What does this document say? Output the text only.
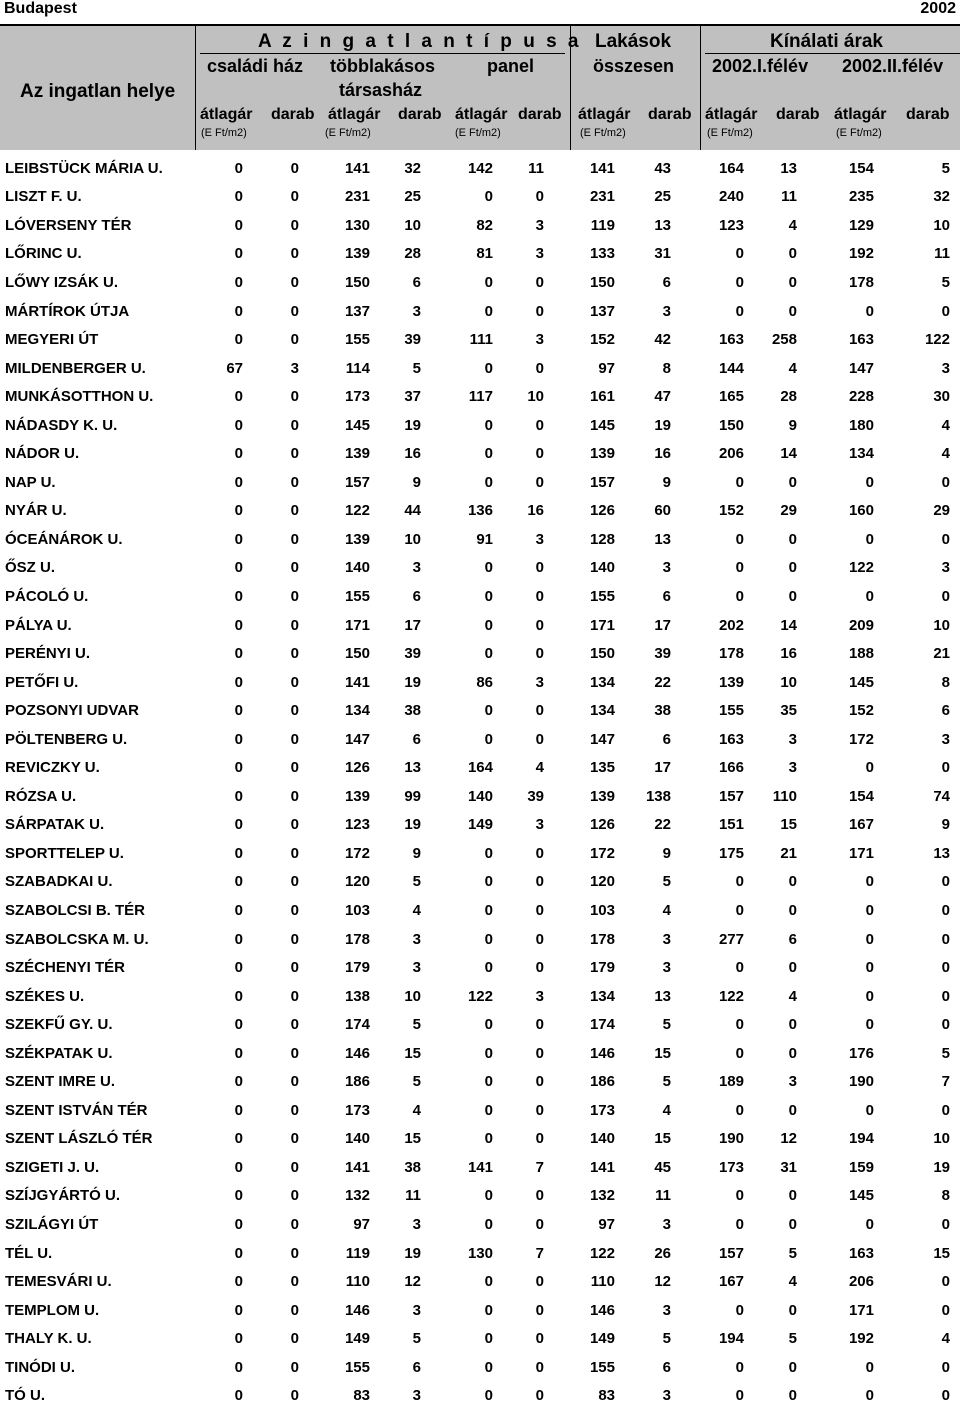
Budapest	2002
Az ingatlan helye
A z i n g a t l a n t í p u s a Lakások	Kínálati árak
családi ház többlakásos
társasház
panel	összesen 2002.I.félév 2002.II.félév
átlagár darab átlagár darab átlagár darab átlagár darab átlagár darab átlagár darab
(E Ft/m2)	(E Ft/m2)	(E Ft/m2)	(E Ft/m2)	(E Ft/m2)	(E Ft/m2)
LEIBSTÜCK MÁRIA U.	0	0	141	32	142	11	141	43	164	13	154	5
LISZT F. U.	0	0	231	25	0	0	231	25	240	11	235	32
LÓVERSENY TÉR	0	0	130	10	82	3	119	13	123	4	129	10
LŐRINC U.	0	0	139	28	81	3	133	31	0	0	192	11
LŐWY IZSÁK U.	0	0	150	6	0	0	150	6	0	0	178	5
MÁRTÍROK ÚTJA	0	0	137	3	0	0	137	3	0	0	0	0
MEGYERI ÚT	0	0	155	39	111	3	152	42	163	258	163	122
MILDENBERGER U.	67	3	114	5	0	0	97	8	144	4	147	3
MUNKÁSOTTHON U.	0	0	173	37	117	10	161	47	165	28	228	30
NÁDASDY K. U.	0	0	145	19	0	0	145	19	150	9	180	4
NÁDOR U.	0	0	139	16	0	0	139	16	206	14	134	4
NAP U.	0	0	157	9	0	0	157	9	0	0	0	0
NYÁR U.	0	0	122	44	136	16	126	60	152	29	160	29
ÓCEÁNÁROK U.	0	0	139	10	91	3	128	13	0	0	0	0
ŐSZ U.	0	0	140	3	0	0	140	3	0	0	122	3
PÁCOLÓ U.	0	0	155	6	0	0	155	6	0	0	0	0
PÁLYA U.	0	0	171	17	0	0	171	17	202	14	209	10
PERÉNYI U.	0	0	150	39	0	0	150	39	178	16	188	21
PETŐFI U.	0	0	141	19	86	3	134	22	139	10	145	8
POZSONYI UDVAR	0	0	134	38	0	0	134	38	155	35	152	6
PÖLTENBERG U.	0	0	147	6	0	0	147	6	163	3	172	3
REVICZKY U.	0	0	126	13	164	4	135	17	166	3	0	0
RÓZSA U.	0	0	139	99	140	39	139	138	157	110	154	74
SÁRPATAK U.	0	0	123	19	149	3	126	22	151	15	167	9
SPORTTELEP U.	0	0	172	9	0	0	172	9	175	21	171	13
SZABADKAI U.	0	0	120	5	0	0	120	5	0	0	0	0
SZABOLCSI B. TÉR	0	0	103	4	0	0	103	4	0	0	0	0
SZABOLCSKA M. U.	0	0	178	3	0	0	178	3	277	6	0	0
SZÉCHENYI TÉR	0	0	179	3	0	0	179	3	0	0	0	0
SZÉKES U.	0	0	138	10	122	3	134	13	122	4	0	0
SZEKFŰ GY. U.	0	0	174	5	0	0	174	5	0	0	0	0
SZÉKPATAK U.	0	0	146	15	0	0	146	15	0	0	176	5
SZENT IMRE U.	0	0	186	5	0	0	186	5	189	3	190	7
SZENT ISTVÁN TÉR	0	0	173	4	0	0	173	4	0	0	0	0
SZENT LÁSZLÓ TÉR	0	0	140	15	0	0	140	15	190	12	194	10
SZIGETI J. U.	0	0	141	38	141	7	141	45	173	31	159	19
SZÍJGYÁRTÓ U.	0	0	132	11	0	0	132	11	0	0	145	8
SZILÁGYI ÚT	0	0	97	3	0	0	97	3	0	0	0	0
TÉL U.	0	0	119	19	130	7	122	26	157	5	163	15
TEMESVÁRI U.	0	0	110	12	0	0	110	12	167	4	206	0
TEMPLOM U.	0	0	146	3	0	0	146	3	0	0	171	0
THALY K. U.	0	0	149	5	0	0	149	5	194	5	192	4
TINÓDI U.	0	0	155	6	0	0	155	6	0	0	0	0
TÓ U.	0	0	83	3	0	0	83	3	0	0	0	0
